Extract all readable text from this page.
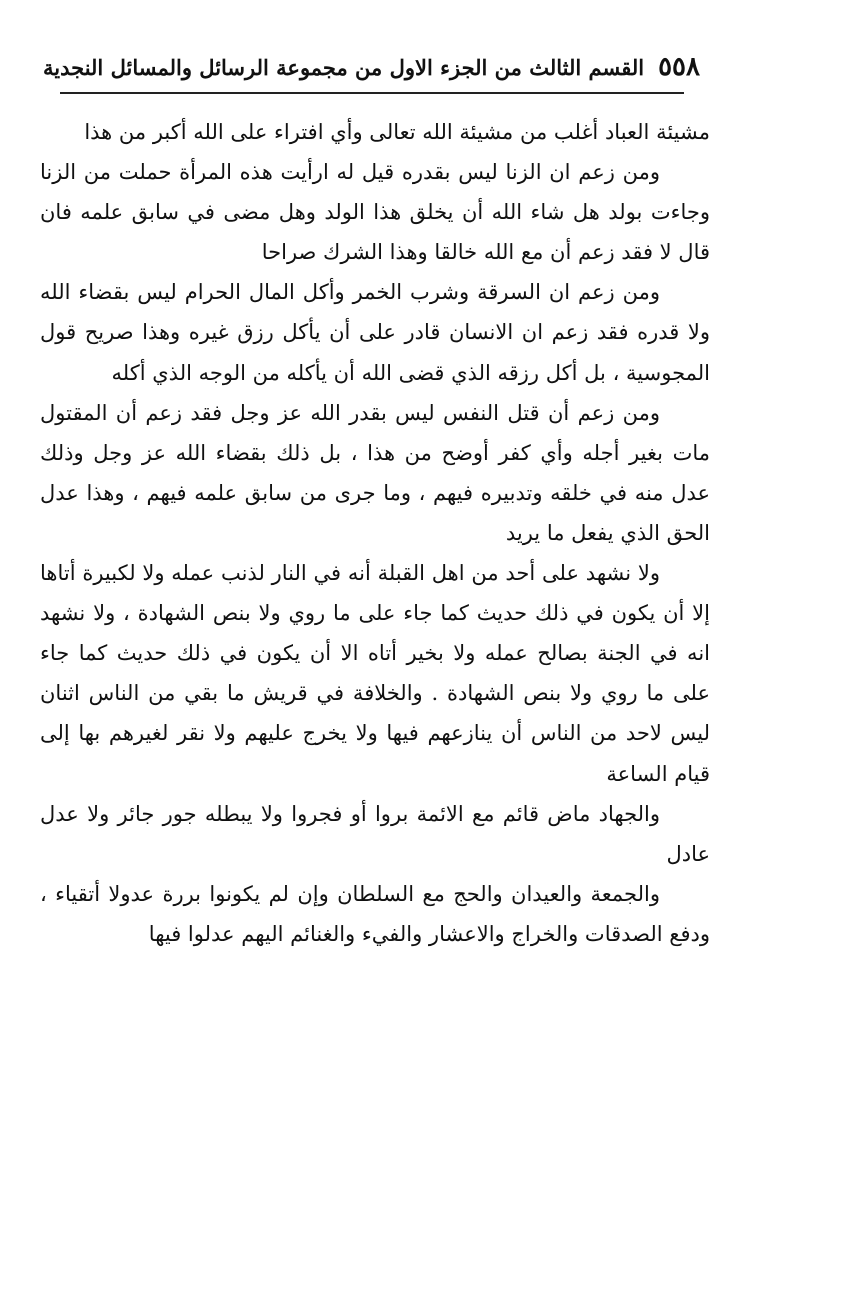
٥٥٨
القسم الثالث من الجزء الاول من مجموعة الرسائل والمسائل النجدية

مشيئة العباد أغلب من مشيئة الله تعالى وأي افتراء على الله أكبر من هذا

ومن زعم ان الزنا ليس بقدره قيل له ارأيت هذه المرأة حملت من الزنا وجاءت بولد هل شاء الله أن يخلق هذا الولد وهل مضى في سابق علمه فان قال لا فقد زعم أن مع الله خالقا وهذا الشرك صراحا

ومن زعم ان السرقة وشرب الخمر وأكل المال الحرام ليس بقضاء الله ولا قدره فقد زعم ان الانسان قادر على أن يأكل رزق غيره وهذا صريح قول المجوسية ، بل أكل رزقه الذي قضى الله أن يأكله من الوجه الذي أكله

ومن زعم أن قتل النفس ليس بقدر الله عز وجل فقد زعم أن المقتول مات بغير أجله وأي كفر أوضح من هذا ، بل ذلك بقضاء الله عز وجل وذلك عدل منه في خلقه وتدبيره فيهم ، وما جرى من سابق علمه فيهم ، وهذا عدل الحق الذي يفعل ما يريد

ولا نشهد على أحد من اهل القبلة أنه في النار لذنب عمله ولا لكبيرة أتاها إلا أن يكون في ذلك حديث كما جاء على ما روي ولا بنص الشهادة ، ولا نشهد انه في الجنة بصالح عمله ولا بخير أتاه الا أن يكون في ذلك حديث كما جاء على ما روي ولا بنص الشهادة . والخلافة في قريش ما بقي من الناس اثنان ليس لاحد من الناس أن ينازعهم فيها ولا يخرج عليهم ولا نقر لغيرهم بها إلى قيام الساعة

والجهاد ماض قائم مع الائمة بروا أو فجروا ولا يبطله جور جائر ولا عدل عادل

والجمعة والعيدان والحج مع السلطان وإن لم يكونوا بررة عدولا أتقياء ، ودفع الصدقات والخراج والاعشار والفيء والغنائم اليهم عدلوا فيها
